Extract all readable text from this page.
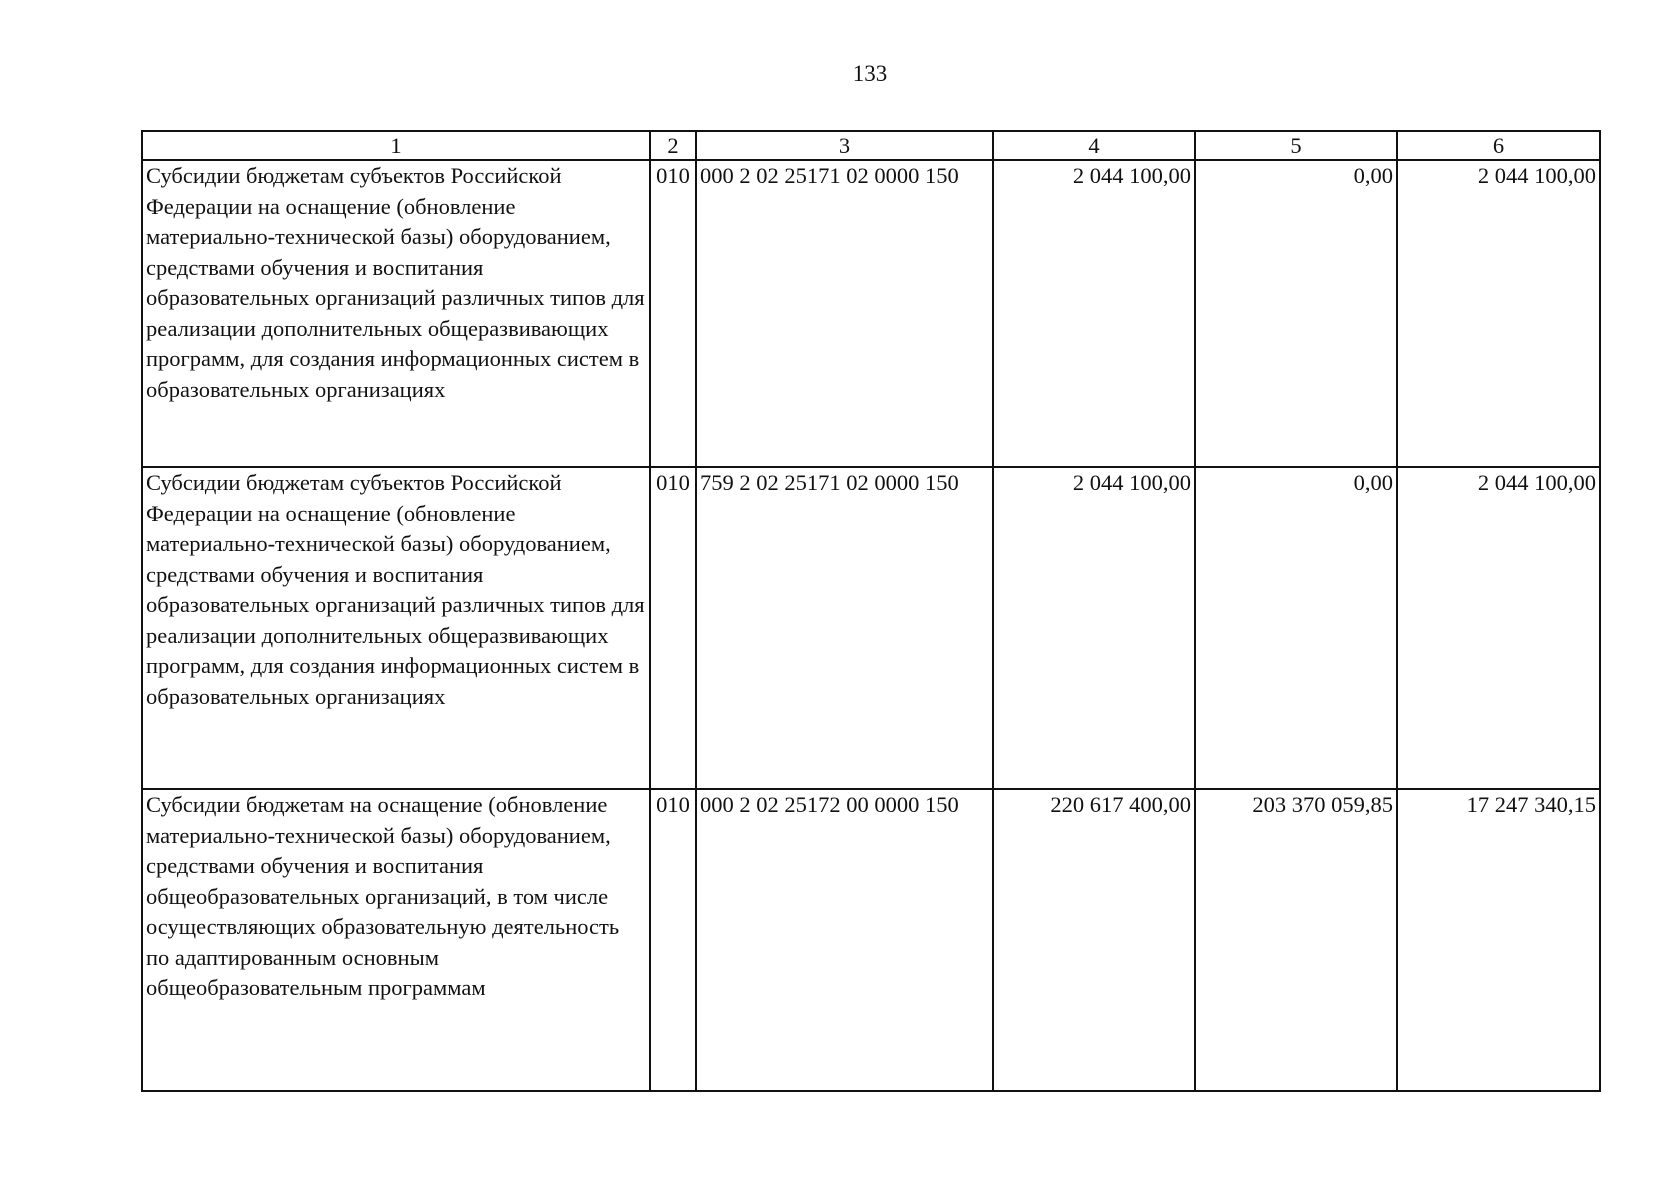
133
1	2	3	4	5	6
Субсидии бюджетам субъектов Российской Федерации на оснащение (обновление материально-технической базы) оборудованием, средствами обучения и воспитания образовательных организаций различных типов для реализации дополнительных общеразвивающих программ, для создания информационных систем в образовательных организациях	010	000 2 02 25171 02 0000 150	2 044 100,00	0,00	2 044 100,00
Субсидии бюджетам субъектов Российской Федерации на оснащение (обновление материально-технической базы) оборудованием, средствами обучения и воспитания образовательных организаций различных типов для реализации дополнительных общеразвивающих программ, для создания информационных систем в образовательных организациях	010	759 2 02 25171 02 0000 150	2 044 100,00	0,00	2 044 100,00
Субсидии бюджетам на оснащение (обновление материально-технической базы) оборудованием, средствами обучения и воспитания общеобразовательных организаций, в том числе осуществляющих образовательную деятельность по адаптированным основным общеобразовательным программам	010	000 2 02 25172 00 0000 150	220 617 400,00	203 370 059,85	17 247 340,15
